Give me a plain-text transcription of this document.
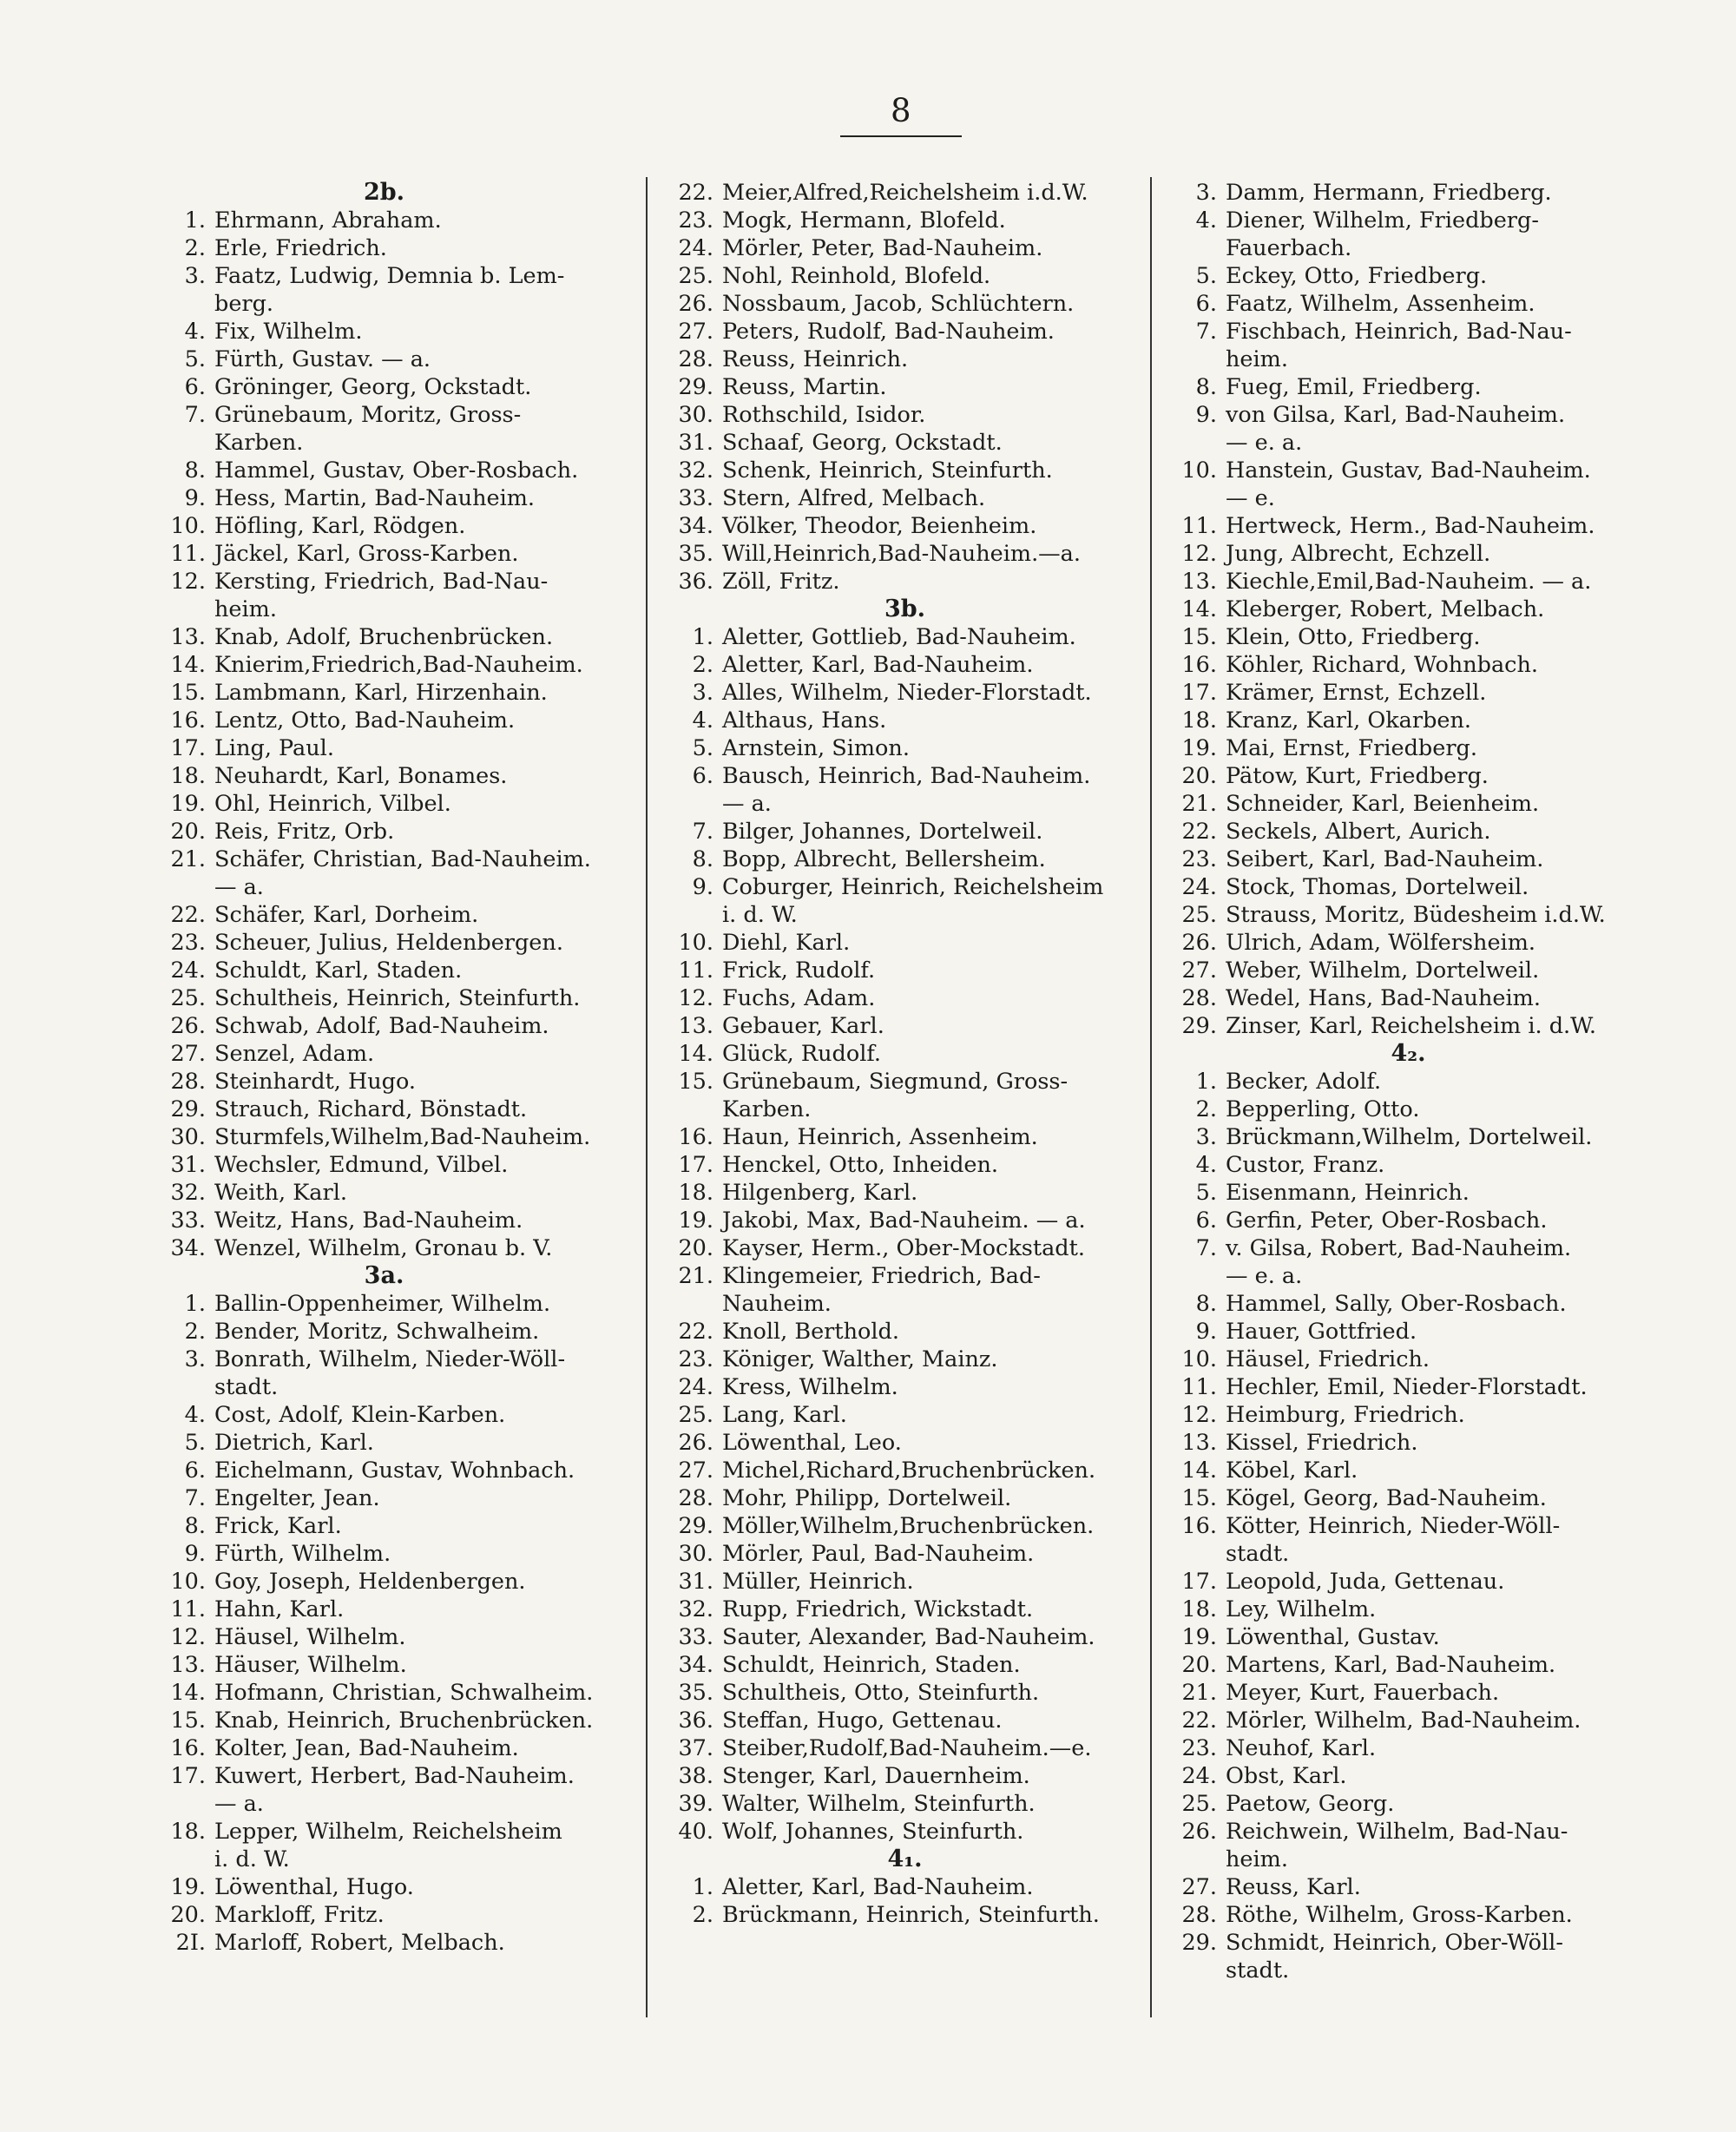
8
2b.
1. Ehrmann, Abraham.
2. Erle, Friedrich.
3. Faatz, Ludwig, Demnia b. Lem-
berg.
4. Fix, Wilhelm.
5. Fürth, Gustav. — a.
6. Gröninger, Georg, Ockstadt.
7. Grünebaum, Moritz, Gross-
Karben.
8. Hammel, Gustav, Ober-Rosbach.
9. Hess, Martin, Bad-Nauheim.
10. Höfling, Karl, Rödgen.
11. Jäckel, Karl, Gross-Karben.
12. Kersting, Friedrich, Bad-Nau-
heim.
13. Knab, Adolf, Bruchenbrücken.
14. Knierim,Friedrich,Bad-Nauheim.
15. Lambmann, Karl, Hirzenhain.
16. Lentz, Otto, Bad-Nauheim.
17. Ling, Paul.
18. Neuhardt, Karl, Bonames.
19. Ohl, Heinrich, Vilbel.
20. Reis, Fritz, Orb.
21. Schäfer, Christian, Bad-Nauheim.
— a.
22. Schäfer, Karl, Dorheim.
23. Scheuer, Julius, Heldenbergen.
24. Schuldt, Karl, Staden.
25. Schultheis, Heinrich, Steinfurth.
26. Schwab, Adolf, Bad-Nauheim.
27. Senzel, Adam.
28. Steinhardt, Hugo.
29. Strauch, Richard, Bönstadt.
30. Sturmfels,Wilhelm,Bad-Nauheim.
31. Wechsler, Edmund, Vilbel.
32. Weith, Karl.
33. Weitz, Hans, Bad-Nauheim.
34. Wenzel, Wilhelm, Gronau b. V.
3a.
1. Ballin-Oppenheimer, Wilhelm.
2. Bender, Moritz, Schwalheim.
3. Bonrath, Wilhelm, Nieder-Wöll-
stadt.
4. Cost, Adolf, Klein-Karben.
5. Dietrich, Karl.
6. Eichelmann, Gustav, Wohnbach.
7. Engelter, Jean.
8. Frick, Karl.
9. Fürth, Wilhelm.
10. Goy, Joseph, Heldenbergen.
11. Hahn, Karl.
12. Häusel, Wilhelm.
13. Häuser, Wilhelm.
14. Hofmann, Christian, Schwalheim.
15. Knab, Heinrich, Bruchenbrücken.
16. Kolter, Jean, Bad-Nauheim.
17. Kuwert, Herbert, Bad-Nauheim.
— a.
18. Lepper, Wilhelm, Reichelsheim
i. d. W.
19. Löwenthal, Hugo.
20. Markloff, Fritz.
2I. Marloff, Robert, Melbach.
22. Meier,Alfred,Reichelsheim i.d.W.
23. Mogk, Hermann, Blofeld.
24. Mörler, Peter, Bad-Nauheim.
25. Nohl, Reinhold, Blofeld.
26. Nossbaum, Jacob, Schlüchtern.
27. Peters, Rudolf, Bad-Nauheim.
28. Reuss, Heinrich.
29. Reuss, Martin.
30. Rothschild, Isidor.
31. Schaaf, Georg, Ockstadt.
32. Schenk, Heinrich, Steinfurth.
33. Stern, Alfred, Melbach.
34. Völker, Theodor, Beienheim.
35. Will,Heinrich,Bad-Nauheim.—a.
36. Zöll, Fritz.
3b.
1. Aletter, Gottlieb, Bad-Nauheim.
2. Aletter, Karl, Bad-Nauheim.
3. Alles, Wilhelm, Nieder-Florstadt.
4. Althaus, Hans.
5. Arnstein, Simon.
6. Bausch, Heinrich, Bad-Nauheim.
— a.
7. Bilger, Johannes, Dortelweil.
8. Bopp, Albrecht, Bellersheim.
9. Coburger, Heinrich, Reichelsheim
i. d. W.
10. Diehl, Karl.
11. Frick, Rudolf.
12. Fuchs, Adam.
13. Gebauer, Karl.
14. Glück, Rudolf.
15. Grünebaum, Siegmund, Gross-
Karben.
16. Haun, Heinrich, Assenheim.
17. Henckel, Otto, Inheiden.
18. Hilgenberg, Karl.
19. Jakobi, Max, Bad-Nauheim. — a.
20. Kayser, Herm., Ober-Mockstadt.
21. Klingemeier, Friedrich, Bad-
Nauheim.
22. Knoll, Berthold.
23. Königer, Walther, Mainz.
24. Kress, Wilhelm.
25. Lang, Karl.
26. Löwenthal, Leo.
27. Michel,Richard,Bruchenbrücken.
28. Mohr, Philipp, Dortelweil.
29. Möller,Wilhelm,Bruchenbrücken.
30. Mörler, Paul, Bad-Nauheim.
31. Müller, Heinrich.
32. Rupp, Friedrich, Wickstadt.
33. Sauter, Alexander, Bad-Nauheim.
34. Schuldt, Heinrich, Staden.
35. Schultheis, Otto, Steinfurth.
36. Steffan, Hugo, Gettenau.
37. Steiber,Rudolf,Bad-Nauheim.—e.
38. Stenger, Karl, Dauernheim.
39. Walter, Wilhelm, Steinfurth.
40. Wolf, Johannes, Steinfurth.
4₁.
1. Aletter, Karl, Bad-Nauheim.
2. Brückmann, Heinrich, Steinfurth.
3. Damm, Hermann, Friedberg.
4. Diener, Wilhelm, Friedberg-
Fauerbach.
5. Eckey, Otto, Friedberg.
6. Faatz, Wilhelm, Assenheim.
7. Fischbach, Heinrich, Bad-Nau-
heim.
8. Fueg, Emil, Friedberg.
9. von Gilsa, Karl, Bad-Nauheim.
— e. a.
10. Hanstein, Gustav, Bad-Nauheim.
— e.
11. Hertweck, Herm., Bad-Nauheim.
12. Jung, Albrecht, Echzell.
13. Kiechle,Emil,Bad-Nauheim. — a.
14. Kleberger, Robert, Melbach.
15. Klein, Otto, Friedberg.
16. Köhler, Richard, Wohnbach.
17. Krämer, Ernst, Echzell.
18. Kranz, Karl, Okarben.
19. Mai, Ernst, Friedberg.
20. Pätow, Kurt, Friedberg.
21. Schneider, Karl, Beienheim.
22. Seckels, Albert, Aurich.
23. Seibert, Karl, Bad-Nauheim.
24. Stock, Thomas, Dortelweil.
25. Strauss, Moritz, Büdesheim i.d.W.
26. Ulrich, Adam, Wölfersheim.
27. Weber, Wilhelm, Dortelweil.
28. Wedel, Hans, Bad-Nauheim.
29. Zinser, Karl, Reichelsheim i. d.W.
4₂.
1. Becker, Adolf.
2. Bepperling, Otto.
3. Brückmann,Wilhelm, Dortelweil.
4. Custor, Franz.
5. Eisenmann, Heinrich.
6. Gerfin, Peter, Ober-Rosbach.
7. v. Gilsa, Robert, Bad-Nauheim.
— e. a.
8. Hammel, Sally, Ober-Rosbach.
9. Hauer, Gottfried.
10. Häusel, Friedrich.
11. Hechler, Emil, Nieder-Florstadt.
12. Heimburg, Friedrich.
13. Kissel, Friedrich.
14. Köbel, Karl.
15. Kögel, Georg, Bad-Nauheim.
16. Kötter, Heinrich, Nieder-Wöll-
stadt.
17. Leopold, Juda, Gettenau.
18. Ley, Wilhelm.
19. Löwenthal, Gustav.
20. Martens, Karl, Bad-Nauheim.
21. Meyer, Kurt, Fauerbach.
22. Mörler, Wilhelm, Bad-Nauheim.
23. Neuhof, Karl.
24. Obst, Karl.
25. Paetow, Georg.
26. Reichwein, Wilhelm, Bad-Nau-
heim.
27. Reuss, Karl.
28. Röthe, Wilhelm, Gross-Karben.
29. Schmidt, Heinrich, Ober-Wöll-
stadt.
